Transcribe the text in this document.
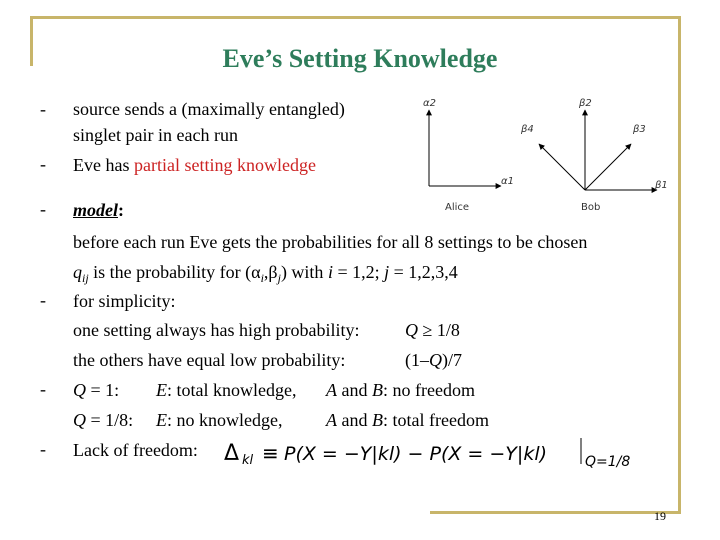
Eve’s Setting Knowledge
-
-
-
-
-
-
source sends a (maximally entangled)
singlet pair in each run
Eve has partial setting knowledge
model:
before each run Eve gets the probabilities for all 8 settings to be chosen
$q_{ij}$ is the probability for $(\alpha_i,\beta_j)$ with i = 1,2; j = 1,2,3,4
for simplicity:
one setting always has high probability:	Q ≥ 1/8
the others have equal low probability:	(1–Q)/7
Q = 1: E: total knowledge, A and B: no freedom
Q = 1/8: E: no knowledge, A and B: total freedom
Lack of freedom: Δ kl ≡ P(X = −Y|kl) − P(X = −Y|kl)	Q=1/8
α2
α1
Alice
β2
β4	β3
β1
Bob
19
